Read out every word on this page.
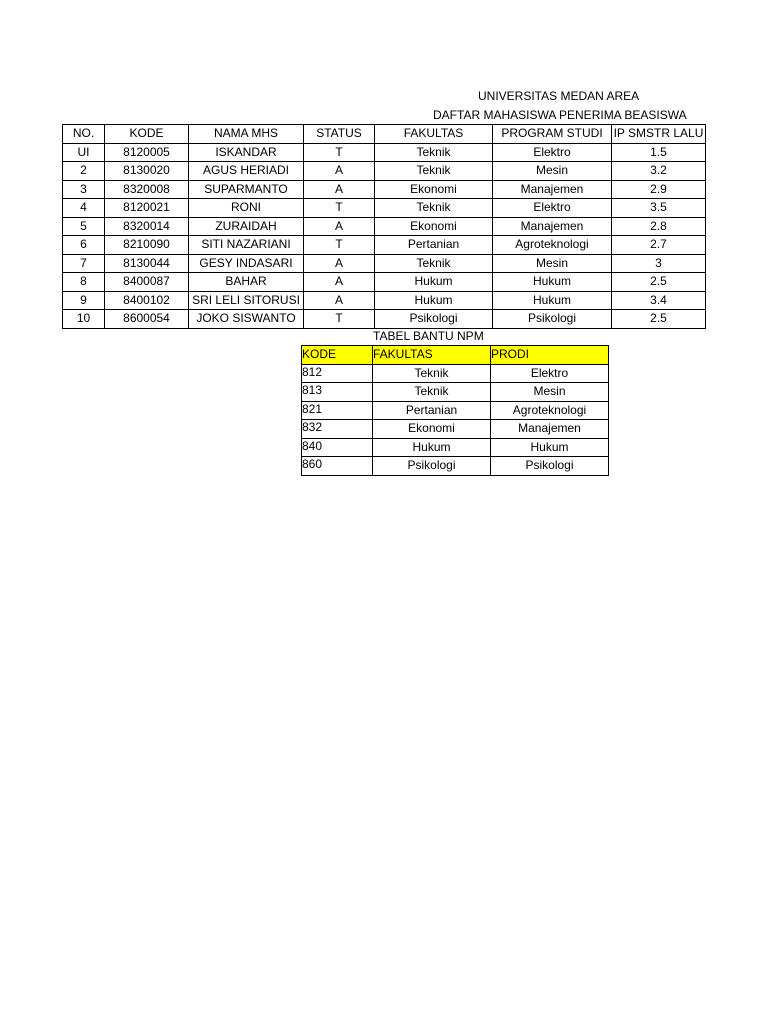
UNIVERSITAS MEDAN AREA
DAFTAR MAHASISWA PENERIMA BEASISWA
NO.	KODE	NAMA MHS	STATUS	FAKULTAS	PROGRAM STUDI	IP SMSTR LALU
UI	8120005	ISKANDAR	T	Teknik	Elektro	1.5
2	8130020	AGUS HERIADI	A	Teknik	Mesin	3.2
3	8320008	SUPARMANTO	A	Ekonomi	Manajemen	2.9
4	8120021	RONI	T	Teknik	Elektro	3.5
5	8320014	ZURAIDAH	A	Ekonomi	Manajemen	2.8
6	8210090	SITI NAZARIANI	T	Pertanian	Agroteknologi	2.7
7	8130044	GESY INDASARI	A	Teknik	Mesin	3
8	8400087	BAHAR	A	Hukum	Hukum	2.5
9	8400102	SRI LELI SITORUSI	A	Hukum	Hukum	3.4
10	8600054	JOKO SISWANTO	T	Psikologi	Psikologi	2.5
TABEL BANTU NPM
KODE	FAKULTAS	PRODI
812	Teknik	Elektro
813	Teknik	Mesin
821	Pertanian	Agroteknologi
832	Ekonomi	Manajemen
840	Hukum	Hukum
860	Psikologi	Psikologi
